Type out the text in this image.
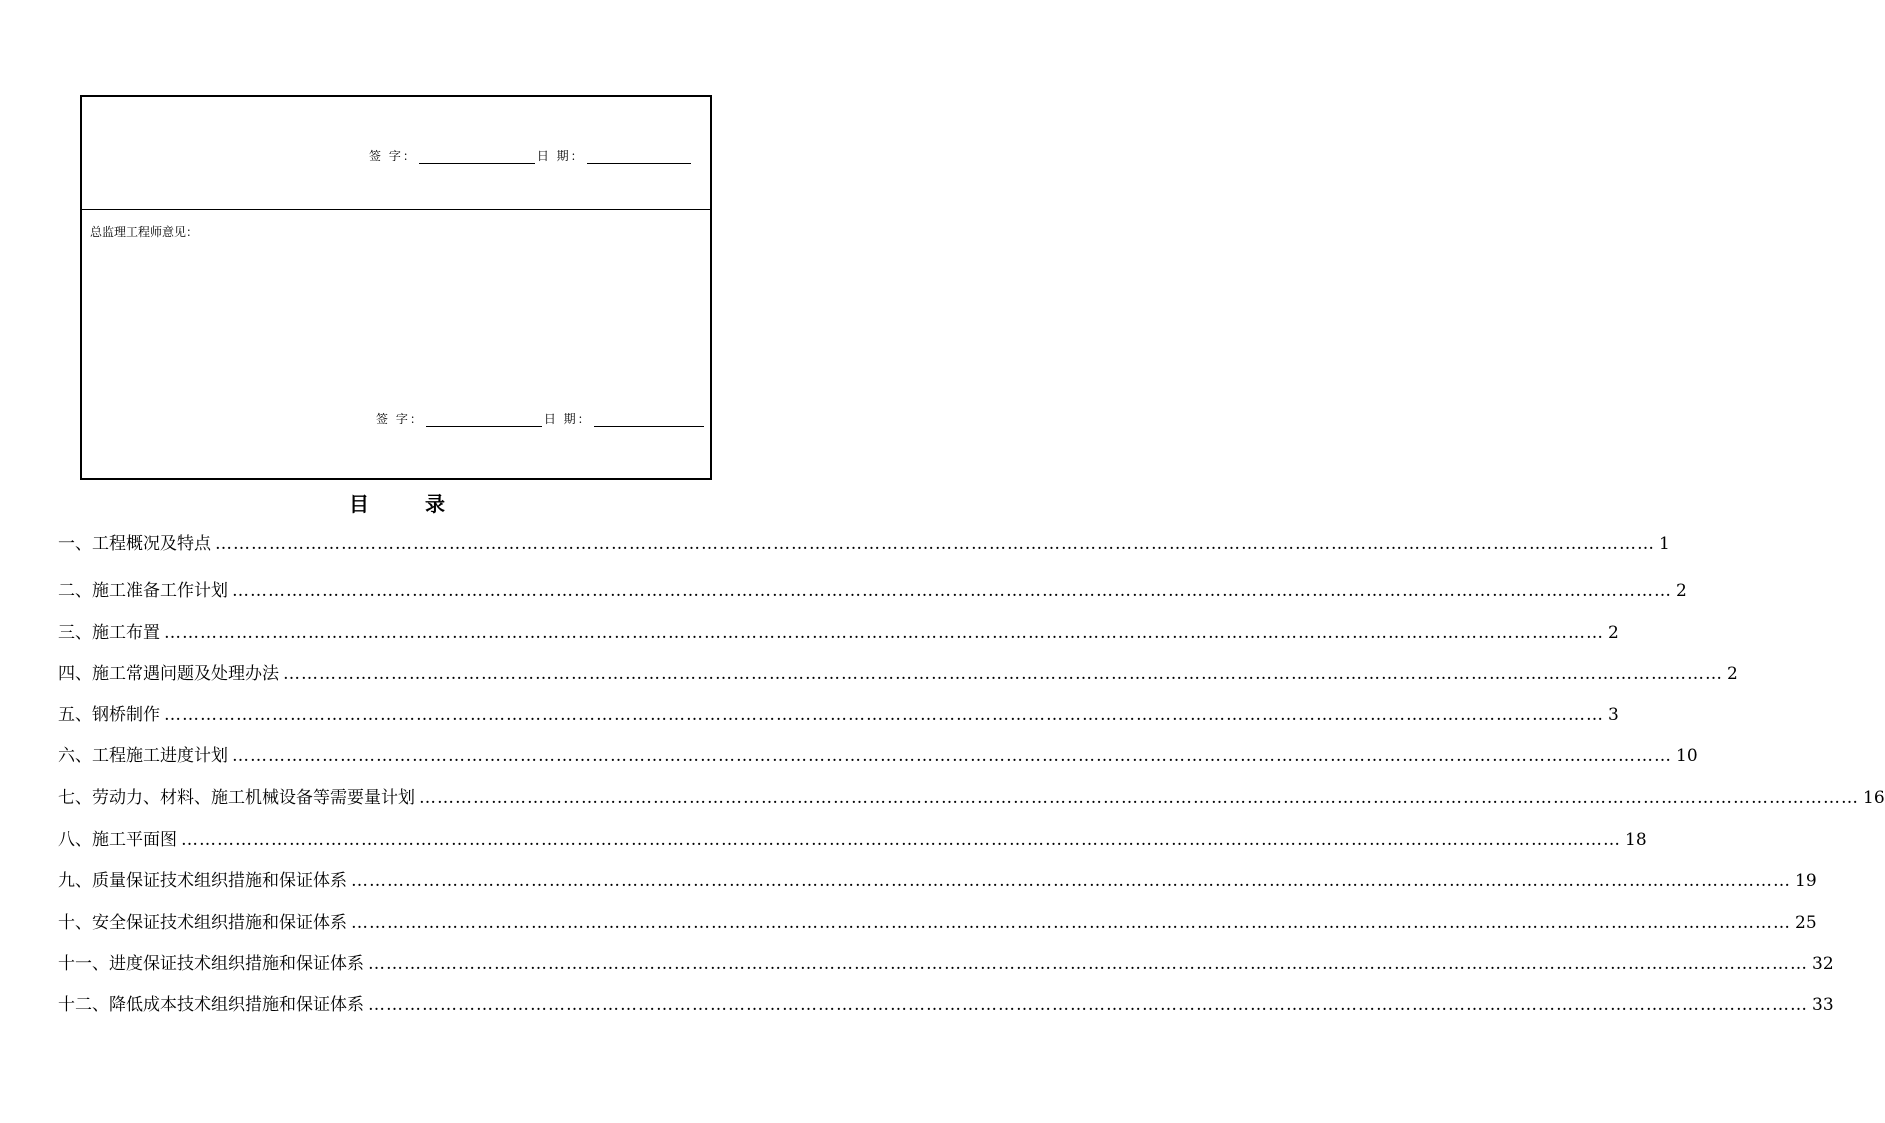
签 字：	日 期：
总监理工程师意见：
签 字：	日 期：
目	录
一、工程概况及特点 …………………………………………………………………………………………………………………………………………………………………………………………………………………… 1
二、施工准备工作计划 …………………………………………………………………………………………………………………………………………………………………………………………………………………… 2
三、施工布置 …………………………………………………………………………………………………………………………………………………………………………………………………………………… 2
四、施工常遇问题及处理办法 …………………………………………………………………………………………………………………………………………………………………………………………………………………… 2
五、钢桥制作 …………………………………………………………………………………………………………………………………………………………………………………………………………………… 3
六、工程施工进度计划 …………………………………………………………………………………………………………………………………………………………………………………………………………………… 10
七、劳动力、材料、施工机械设备等需要量计划 …………………………………………………………………………………………………………………………………………………………………………………………………………………… 16
八、施工平面图 …………………………………………………………………………………………………………………………………………………………………………………………………………………… 18
九、质量保证技术组织措施和保证体系 …………………………………………………………………………………………………………………………………………………………………………………………………………………… 19
十、安全保证技术组织措施和保证体系 …………………………………………………………………………………………………………………………………………………………………………………………………………………… 25
十一、进度保证技术组织措施和保证体系 …………………………………………………………………………………………………………………………………………………………………………………………………………………… 32
十二、降低成本技术组织措施和保证体系 …………………………………………………………………………………………………………………………………………………………………………………………………………………… 33
